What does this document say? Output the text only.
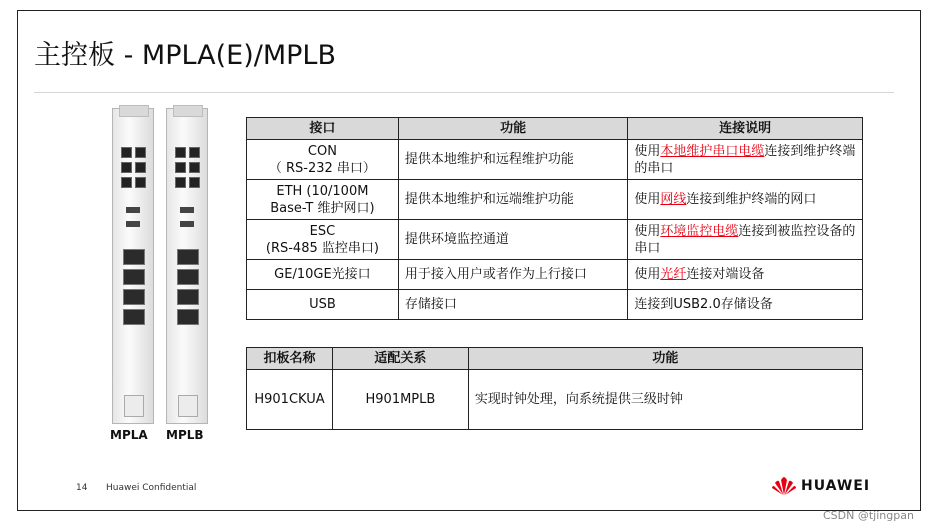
主控板 - MPLA(E)/MPLB
MPLA MPLB
接口	功能	连接说明

CON
（ RS-232 串口）	提供本地维护和远程维护功能	使用本地维护串口电缆连接到维护终端的串口

ETH (10/100M
Base-T 维护网口)	提供本地维护和远端维护功能	使用网线连接到维护终端的网口

ESC
(RS-485 监控串口)	提供环境监控通道	使用环境监控电缆连接到被监控设备的串口
GE/10GE光接口	用于接入用户或者作为上行接口	使用光纤连接对端设备
USB	存储接口	连接到USB2.0存储设备
扣板名称	适配关系	功能
H901CKUA	H901MPLB	实现时钟处理，向系统提供三级时钟
14 Huawei Confidential	HUAWEI
CSDN @tjingpan
